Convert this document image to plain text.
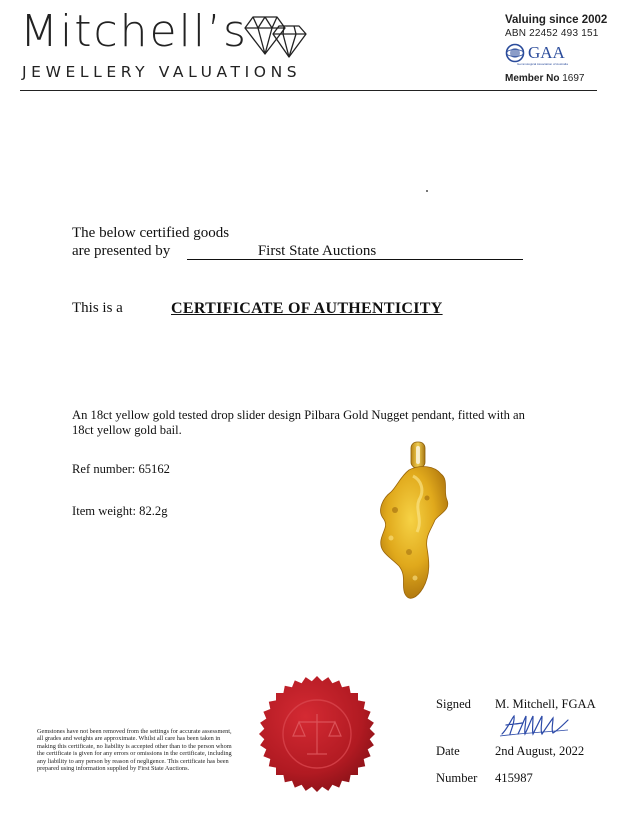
Mitchell’s
JEWELLERY VALUATIONS
Valuing since 2002
ABN 22452 493 151
GAA
Gemmological Association of Australia
Member No 1697
The below certified goods
are presented by	First State Auctions
This is a	CERTIFICATE OF AUTHENTICITY
An 18ct yellow gold tested drop slider design Pilbara Gold Nugget pendant, fitted with an 18ct yellow gold bail.
Ref number: 65162
Item weight: 82.2g
Gemstones have not been removed from the settings for accurate assessment, all grades and weights are approximate. Whilst all care has been taken in making this certificate, no liability is accepted other than to the person whom the certificate is given for any errors or omissions in the certificate, including any liability to any person by reason of negligence. This certificate has been prepared using information supplied by First State Auctions.
Signed M. Mitchell, FGAA
Date	2nd August, 2022
Number 415987
